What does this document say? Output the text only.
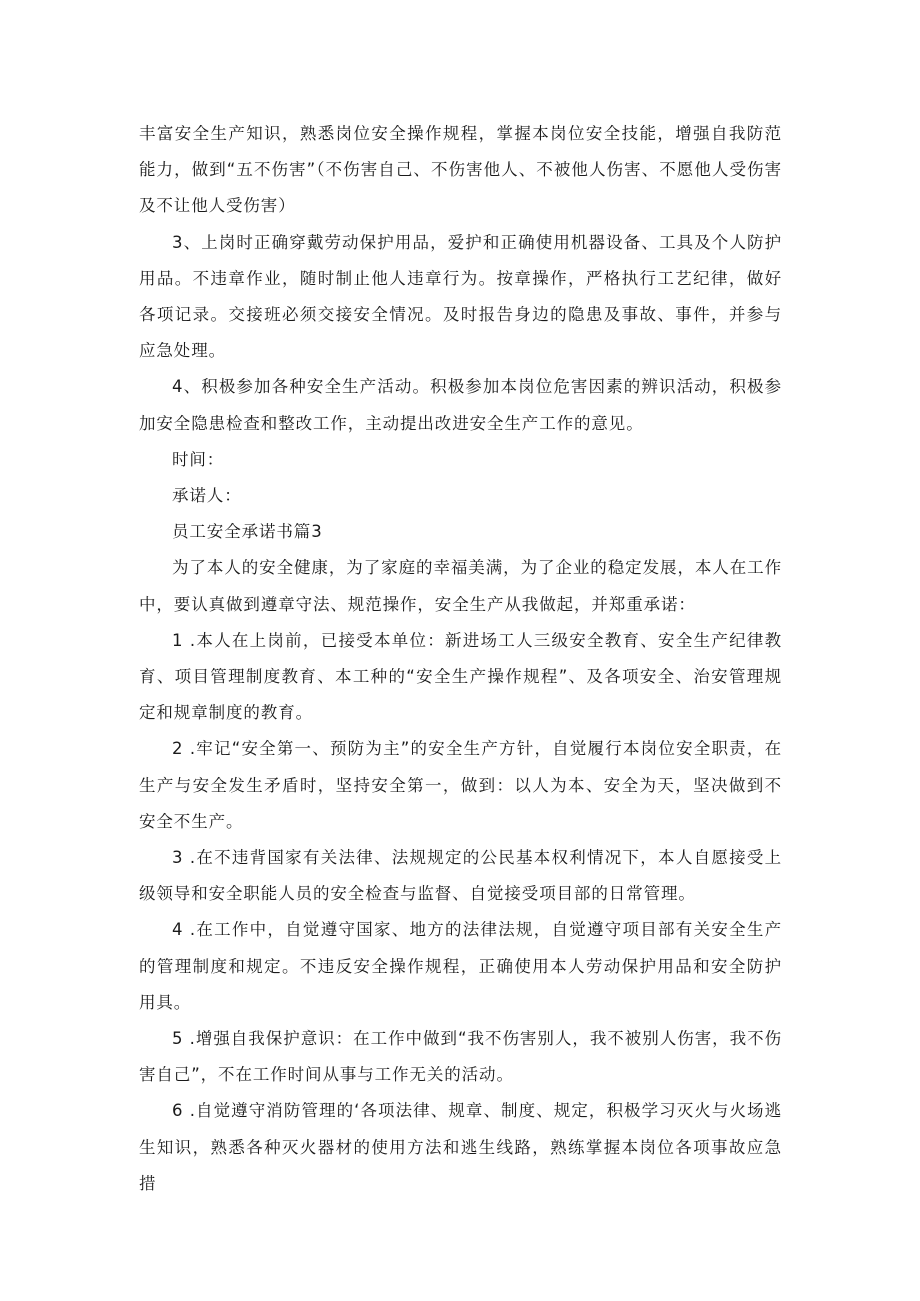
丰富安全生产知识，熟悉岗位安全操作规程，掌握本岗位安全技能，增强自我防范能力，做到“五不伤害”（不伤害自己、不伤害他人、不被他人伤害、不愿他人受伤害及不让他人受伤害）

3、上岗时正确穿戴劳动保护用品，爱护和正确使用机器设备、工具及个人防护用品。不违章作业，随时制止他人违章行为。按章操作，严格执行工艺纪律，做好各项记录。交接班必须交接安全情况。及时报告身边的隐患及事故、事件，并参与应急处理。

4、积极参加各种安全生产活动。积极参加本岗位危害因素的辨识活动，积极参加安全隐患检查和整改工作，主动提出改进安全生产工作的意见。

时间：

承诺人：

员工安全承诺书篇3

为了本人的安全健康，为了家庭的幸福美满，为了企业的稳定发展，本人在工作中，要认真做到遵章守法、规范操作，安全生产从我做起，并郑重承诺：

1 .本人在上岗前，已接受本单位：新进场工人三级安全教育、安全生产纪律教育、项目管理制度教育、本工种的“安全生产操作规程”、及各项安全、治安管理规定和规章制度的教育。

2 .牢记“安全第一、预防为主”的安全生产方针，自觉履行本岗位安全职责，在生产与安全发生矛盾时，坚持安全第一，做到：以人为本、安全为天，坚决做到不安全不生产。

3 .在不违背国家有关法律、法规规定的公民基本权利情况下，本人自愿接受上级领导和安全职能人员的安全检查与监督、自觉接受项目部的日常管理。

4 .在工作中，自觉遵守国家、地方的法律法规，自觉遵守项目部有关安全生产的管理制度和规定。不违反安全操作规程，正确使用本人劳动保护用品和安全防护用具。

5 .增强自我保护意识：在工作中做到“我不伤害别人，我不被别人伤害，我不伤害自己”，不在工作时间从事与工作无关的活动。

6 .自觉遵守消防管理的‘各项法律、规章、制度、规定，积极学习灭火与火场逃生知识，熟悉各种灭火器材的使用方法和逃生线路，熟练掌握本岗位各项事故应急措
